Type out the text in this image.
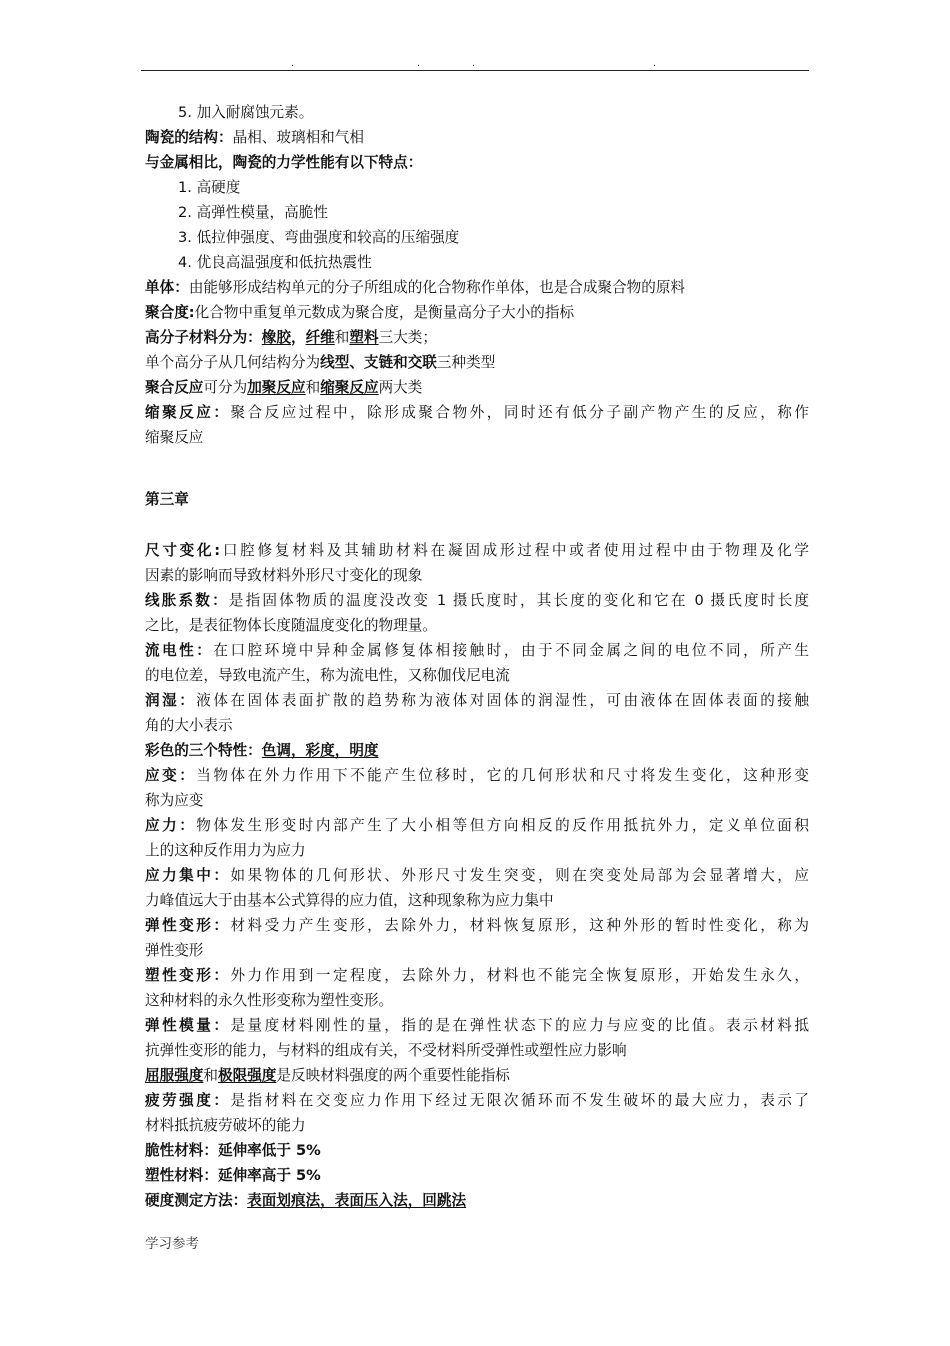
.	.	.	.
5. 加入耐腐蚀元素。
陶瓷的结构：晶相、玻璃相和气相
与金属相比，陶瓷的力学性能有以下特点：
1. 高硬度
2. 高弹性模量，高脆性
3. 低拉伸强度、弯曲强度和较高的压缩强度
4. 优良高温强度和低抗热震性
单体：由能够形成结构单元的分子所组成的化合物称作单体，也是合成聚合物的原料
聚合度:化合物中重复单元数成为聚合度，是衡量高分子大小的指标
高分子材料分为：橡胶，纤维和塑料三大类；
单个高分子从几何结构分为线型、支链和交联三种类型
聚合反应可分为加聚反应和缩聚反应两大类
缩聚反应：聚合反应过程中，除形成聚合物外，同时还有低分子副产物产生的反应，称作
缩聚反应
第三章
尺寸变化:口腔修复材料及其辅助材料在凝固成形过程中或者使用过程中由于物理及化学
因素的影响而导致材料外形尺寸变化的现象
线胀系数：是指固体物质的温度没改变 1 摄氏度时，其长度的变化和它在 0 摄氏度时长度
之比，是表征物体长度随温度变化的物理量。
流电性：在口腔环境中异种金属修复体相接触时，由于不同金属之间的电位不同，所产生
的电位差，导致电流产生，称为流电性，又称伽伐尼电流
润湿：液体在固体表面扩散的趋势称为液体对固体的润湿性，可由液体在固体表面的接触
角的大小表示
彩色的三个特性：色调，彩度，明度
应变：当物体在外力作用下不能产生位移时，它的几何形状和尺寸将发生变化，这种形变
称为应变
应力：物体发生形变时内部产生了大小相等但方向相反的反作用抵抗外力，定义单位面积
上的这种反作用力为应力
应力集中：如果物体的几何形状、外形尺寸发生突变，则在突变处局部为会显著增大，应
力峰值远大于由基本公式算得的应力值，这种现象称为应力集中
弹性变形：材料受力产生变形，去除外力，材料恢复原形，这种外形的暂时性变化，称为
弹性变形
塑性变形：外力作用到一定程度，去除外力，材料也不能完全恢复原形，开始发生永久，
这种材料的永久性形变称为塑性变形。
弹性模量：是量度材料刚性的量，指的是在弹性状态下的应力与应变的比值。表示材料抵
抗弹性变形的能力，与材料的组成有关，不受材料所受弹性或塑性应力影响
屈服强度和极限强度是反映材料强度的两个重要性能指标
疲劳强度：是指材料在交变应力作用下经过无限次循环而不发生破坏的最大应力，表示了
材料抵抗疲劳破坏的能力
脆性材料：延伸率低于 5%
塑性材料：延伸率高于 5%
硬度测定方法：表面划痕法，表面压入法，回跳法
学习参考
